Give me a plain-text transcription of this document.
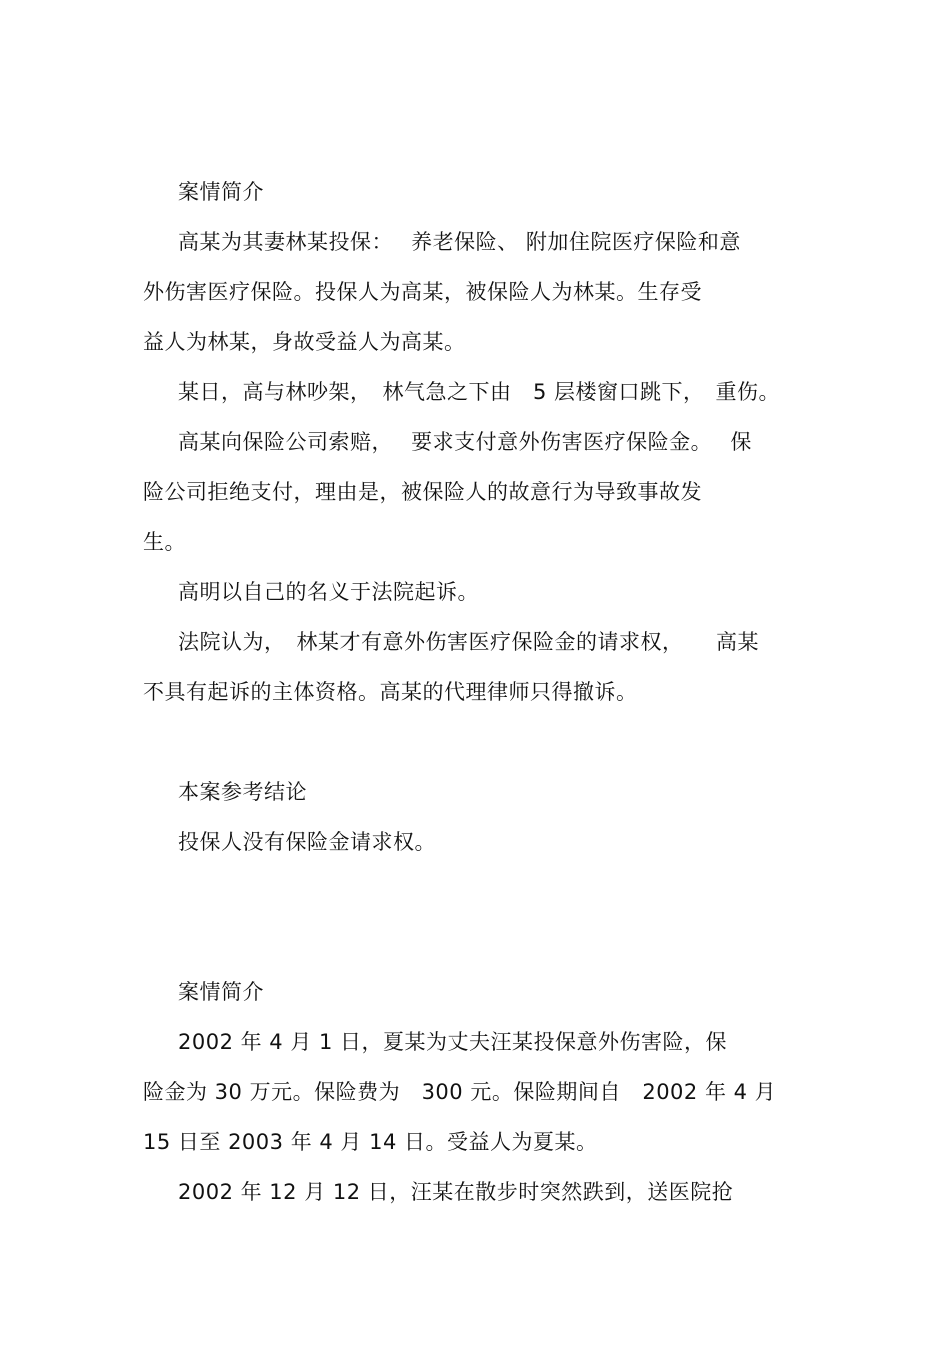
案情简介
高某为其妻林某投保：　 养老保险、 附加住院医疗保险和意
外伤害医疗保险。投保人为高某，被保险人为林某。生存受
益人为林某，身故受益人为高某。
某日，高与林吵架，　林气急之下由　5 层楼窗口跳下，　重伤。
高某向保险公司索赔，　 要求支付意外伤害医疗保险金。　 保
险公司拒绝支付，理由是，被保险人的故意行为导致事故发
生。
高明以自己的名义于法院起诉。
法院认为，　林某才有意外伤害医疗保险金的请求权，　　高某
不具有起诉的主体资格。高某的代理律师只得撤诉。
本案参考结论
投保人没有保险金请求权。
案情简介
2002 年 4 月 1 日，夏某为丈夫汪某投保意外伤害险，保
险金为 30 万元。保险费为　300 元。保险期间自　2002 年 4 月
15 日至 2003 年 4 月 14 日。受益人为夏某。
2002 年 12 月 12 日，汪某在散步时突然跌到，送医院抢
